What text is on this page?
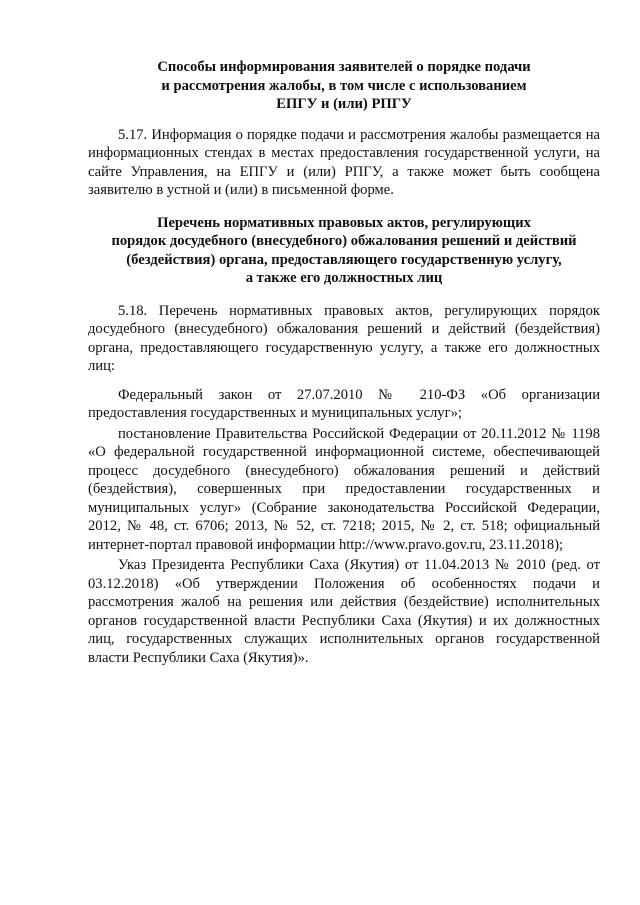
Способы информирования заявителей о порядке подачи
и рассмотрения жалобы, в том числе с использованием
ЕПГУ и (или) РПГУ

5.17. Информация о порядке подачи и рассмотрения жалобы размещается на информационных стендах в местах предоставления государственной услуги, на сайте Управления, на ЕПГУ и (или) РПГУ, а также может быть сообщена заявителю в устной и (или) в письменной форме.

Перечень нормативных правовых актов, регулирующих
порядок досудебного (внесудебного) обжалования решений и действий
(бездействия) органа, предоставляющего государственную услугу,
а также его должностных лиц

5.18. Перечень нормативных правовых актов, регулирующих порядок досудебного (внесудебного) обжалования решений и действий (бездействия) органа, предоставляющего государственную услугу, а также его должностных лиц:

Федеральный закон от 27.07.2010 № 210-ФЗ «Об организации предоставления государственных и муниципальных услуг»;

постановление Правительства Российской Федерации от 20.11.2012 № 1198 «О федеральной государственной информационной системе, обеспечивающей процесс досудебного (внесудебного) обжалования решений и действий (бездействия), совершенных при предоставлении государственных и муниципальных услуг» (Собрание законодательства Российской Федерации, 2012, № 48, ст. 6706; 2013, № 52, ст. 7218; 2015, № 2, ст. 518; официальный интернет-портал правовой информации http://www.pravo.gov.ru, 23.11.2018);

Указ Президента Республики Саха (Якутия) от 11.04.2013 № 2010 (ред. от 03.12.2018) «Об утверждении Положения об особенностях подачи и рассмотрения жалоб на решения или действия (бездействие) исполнительных органов государственной власти Республики Саха (Якутия) и их должностных лиц, государственных служащих исполнительных органов государственной власти Республики Саха (Якутия)».
